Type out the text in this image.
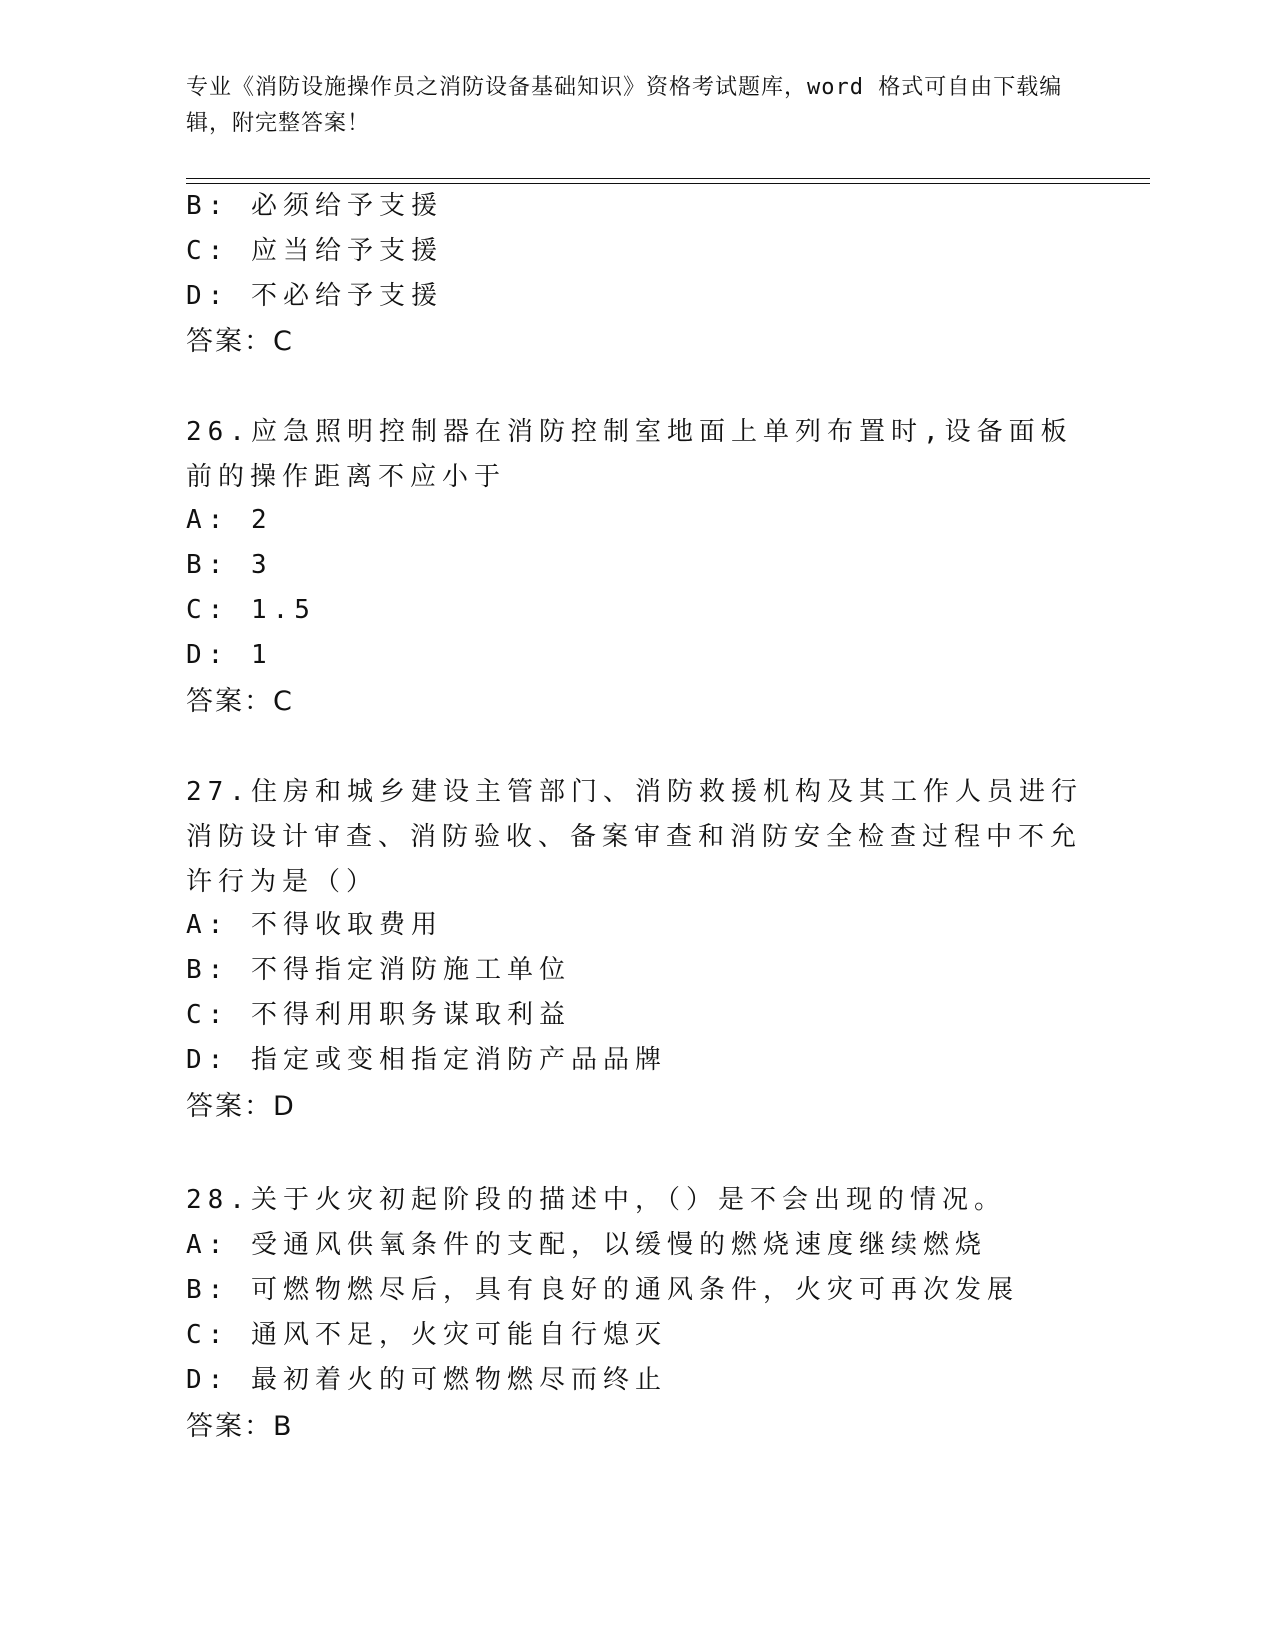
专业《消防设施操作员之消防设备基础知识》资格考试题库，word 格式可自由下载编辑，附完整答案！
B: 必须给予支援
C: 应当给予支援
D: 不必给予支援
答案：C
26.应急照明控制器在消防控制室地面上单列布置时,设备面板前的操作距离不应小于
A: 2
B: 3
C: 1.5
D: 1
答案：C
27.住房和城乡建设主管部门、消防救援机构及其工作人员进行消防设计审查、消防验收、备案审查和消防安全检查过程中不允许行为是（）
A: 不得收取费用
B: 不得指定消防施工单位
C: 不得利用职务谋取利益
D: 指定或变相指定消防产品品牌
答案：D
28.关于火灾初起阶段的描述中，（）是不会出现的情况。
A: 受通风供氧条件的支配，以缓慢的燃烧速度继续燃烧
B: 可燃物燃尽后，具有良好的通风条件，火灾可再次发展
C: 通风不足，火灾可能自行熄灭
D: 最初着火的可燃物燃尽而终止
答案：B
